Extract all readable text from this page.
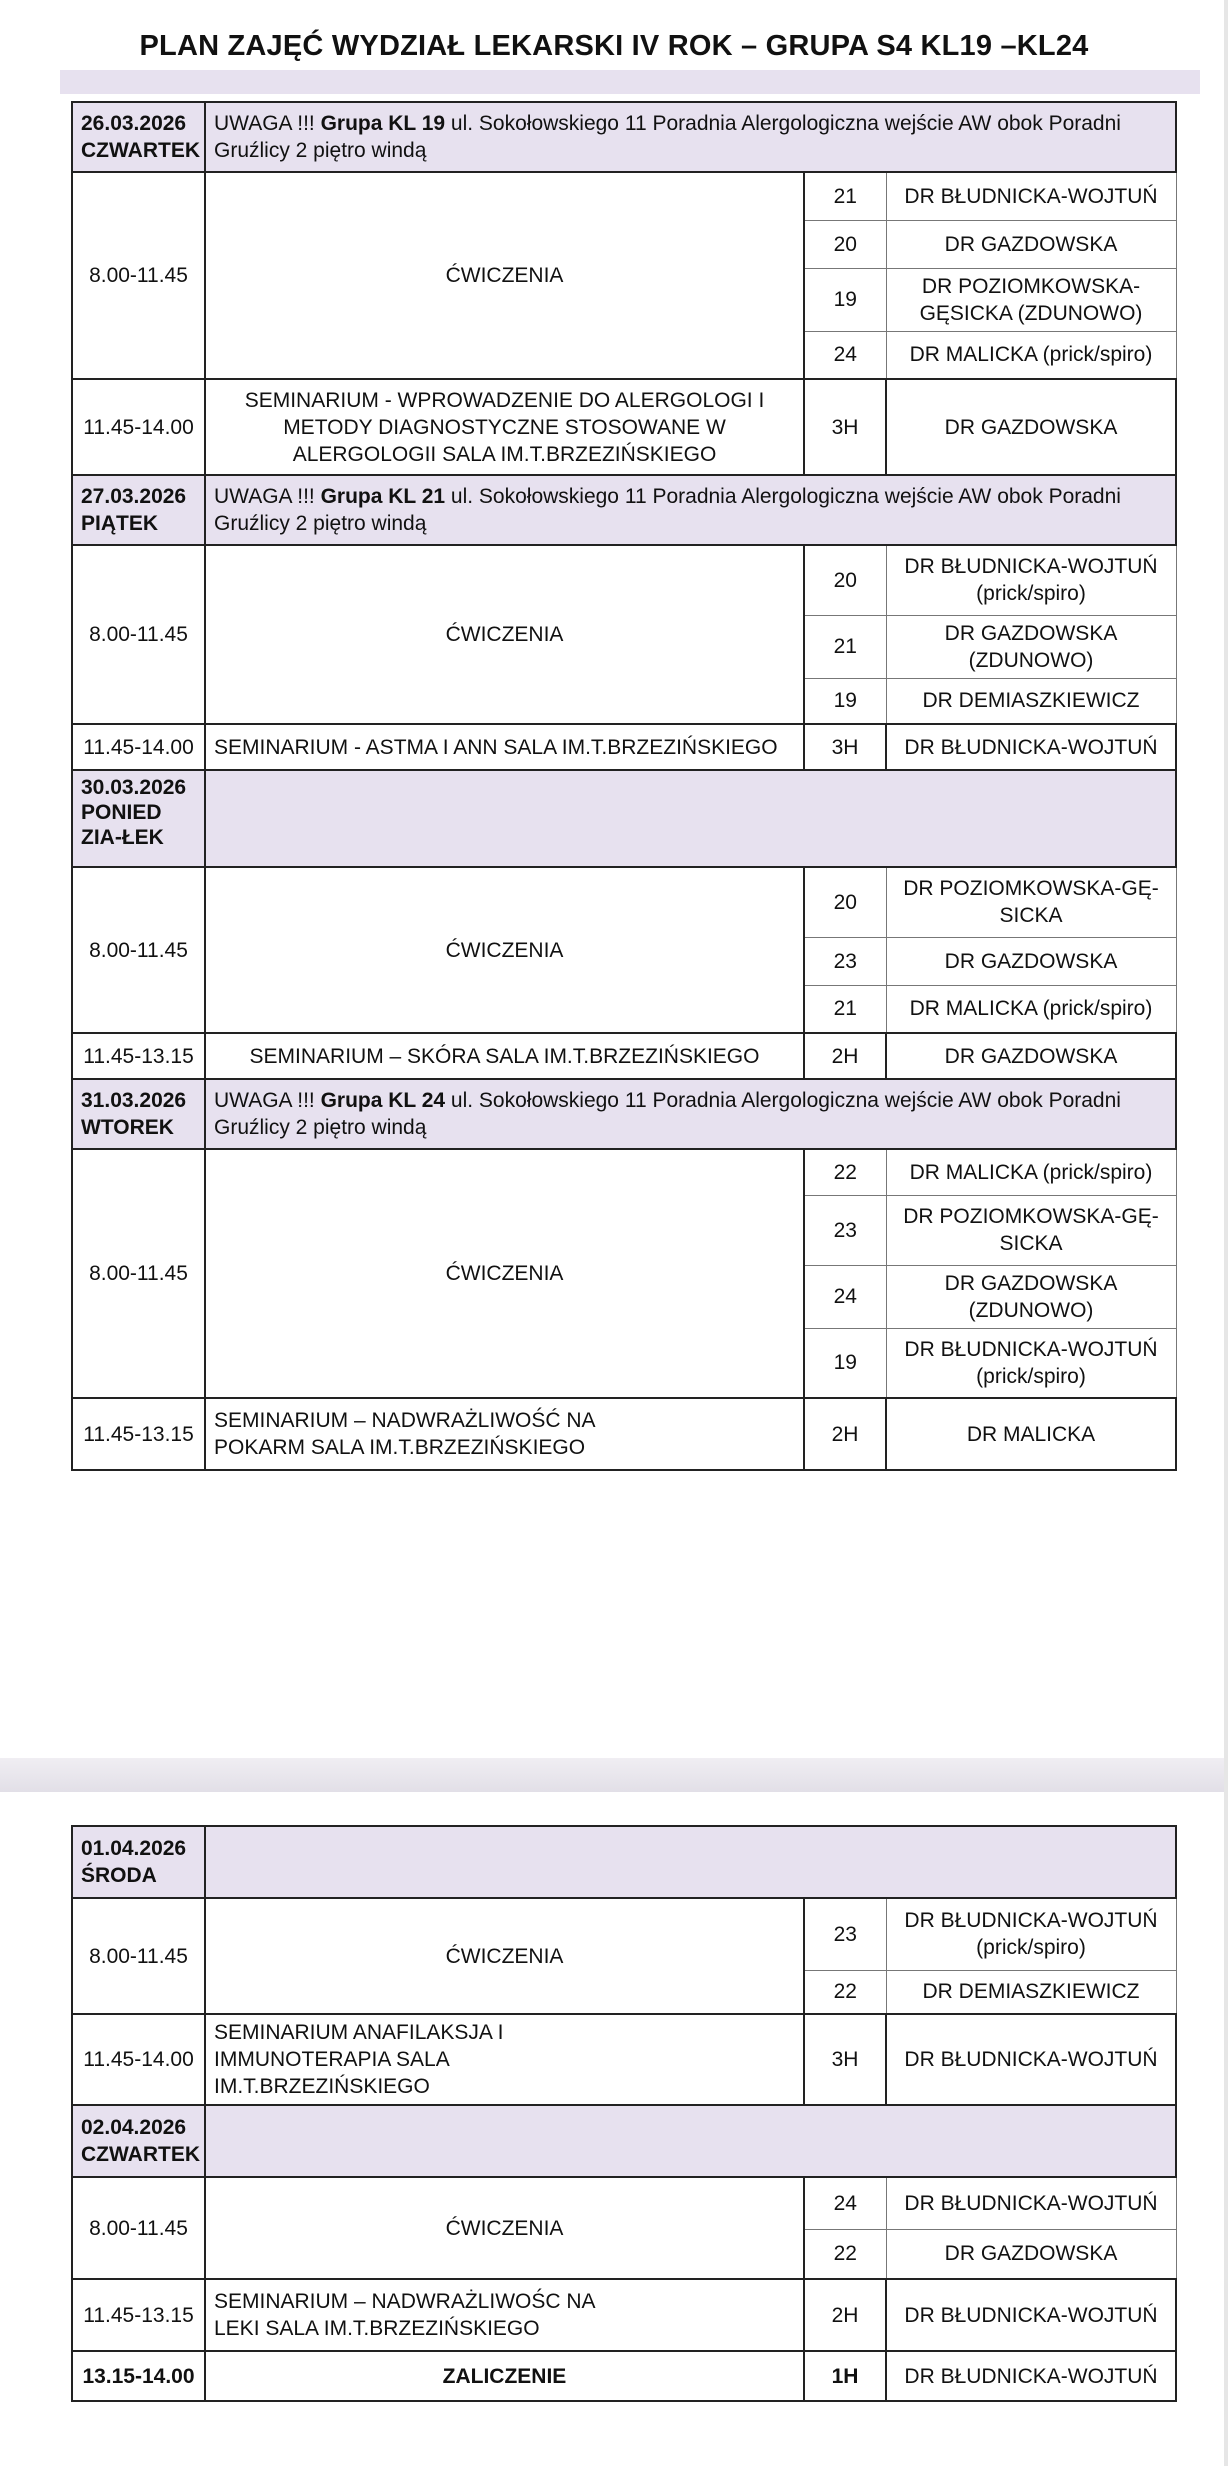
PLAN ZAJĘĆ WYDZIAŁ LEKARSKI IV ROK – GRUPA S4 KL19 –KL24
26.03.2026
CZWARTEK	UWAGA !!! Grupa KL 19 ul. Sokołowskiego 11 Poradnia Alergologiczna wejście AW obok Poradni Gruźlicy 2 piętro windą		
8.00-11.45	ĆWICZENIA	21	DR BŁUDNICKA-WOJTUŃ
		20	DR GAZDOWSKA
		19	DR POZIOMKOWSKA-GĘSICKA (ZDUNOWO)
		24	DR MALICKA (prick/spiro)
11.45-14.00	SEMINARIUM - WPROWADZENIE DO ALERGOLOGI I METODY DIAGNOSTYCZNE STOSOWANE W ALERGOLOGII SALA IM.T.BRZEZIŃSKIEGO	3H	DR GAZDOWSKA

27.03.2026
PIĄTEK	UWAGA !!! Grupa KL 21 ul. Sokołowskiego 11 Poradnia Alergologiczna wejście AW obok Poradni Gruźlicy 2 piętro windą		
8.00-11.45	ĆWICZENIA	20	DR BŁUDNICKA-WOJTUŃ (prick/spiro)
		21	DR GAZDOWSKA (ZDUNOWO)
		19	DR DEMIASZKIEWICZ
11.45-14.00	SEMINARIUM - ASTMA I ANN SALA IM.T.BRZEZIŃSKIEGO	3H	DR BŁUDNICKA-WOJTUŃ

30.03.2026
PONIEDZIA-ŁEK			

8.00-11.45	ĆWICZENIA	20	DR POZIOMKOWSKA-GĘ-SICKA
		23	DR GAZDOWSKA
		21	DR MALICKA (prick/spiro)
11.45-13.15	SEMINARIUM – SKÓRA SALA IM.T.BRZEZIŃSKIEGO	2H	DR GAZDOWSKA

31.03.2026
WTOREK	UWAGA !!! Grupa KL 24 ul. Sokołowskiego 11 Poradnia Alergologiczna wejście AW obok Poradni Gruźlicy 2 piętro windą		
8.00-11.45	ĆWICZENIA	22	DR MALICKA (prick/spiro)
		23	DR POZIOMKOWSKA-GĘ-SICKA
		24	DR GAZDOWSKA (ZDUNOWO)
		19	DR BŁUDNICKA-WOJTUŃ (prick/spiro)
11.45-13.15	SEMINARIUM – NADWRAŻLIWOŚĆ NA POKARM SALA IM.T.BRZEZIŃSKIEGO	2H	DR MALICKA
01.04.2026
ŚRODA			

8.00-11.45	ĆWICZENIA	23	DR BŁUDNICKA-WOJTUŃ (prick/spiro)
		22	DR DEMIASZKIEWICZ
11.45-14.00	SEMINARIUM ANAFILAKSJA I IMMUNOTERAPIA SALA IM.T.BRZEZIŃSKIEGO	3H	DR BŁUDNICKA-WOJTUŃ

02.04.2026
CZWARTEK			

8.00-11.45	ĆWICZENIA	24	DR BŁUDNICKA-WOJTUŃ
		22	DR GAZDOWSKA
11.45-13.15	SEMINARIUM – NADWRAŻLIWOŚC NA LEKI SALA IM.T.BRZEZIŃSKIEGO	2H	DR BŁUDNICKA-WOJTUŃ
13.15-14.00	ZALICZENIE	1H	DR BŁUDNICKA-WOJTUŃ
